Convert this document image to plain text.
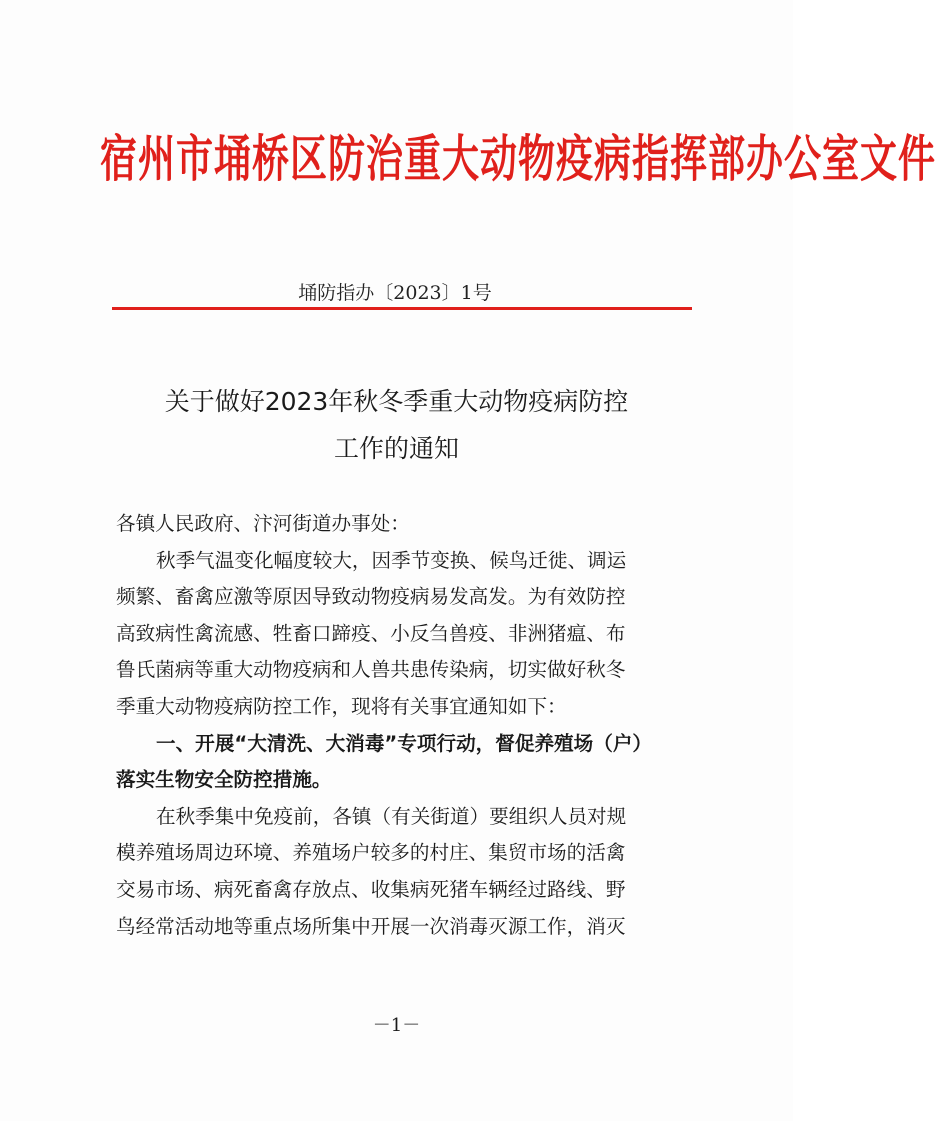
宿州市埇桥区防治重大动物疫病指挥部办公室文件
埇防指办〔2023〕1号
关于做好2023年秋冬季重大动物疫病防控
工作的通知
各镇人民政府、汴河街道办事处：
秋季气温变化幅度较大，因季节变换、候鸟迁徙、调运
频繁、畜禽应激等原因导致动物疫病易发高发。为有效防控
高致病性禽流感、牲畜口蹄疫、小反刍兽疫、非洲猪瘟、布
鲁氏菌病等重大动物疫病和人兽共患传染病，切实做好秋冬
季重大动物疫病防控工作，现将有关事宜通知如下：
一、开展“大清洗、大消毒”专项行动，督促养殖场（户）
落实生物安全防控措施。
在秋季集中免疫前，各镇（有关街道）要组织人员对规
模养殖场周边环境、养殖场户较多的村庄、集贸市场的活禽
交易市场、病死畜禽存放点、收集病死猪车辆经过路线、野
鸟经常活动地等重点场所集中开展一次消毒灭源工作，消灭
－1－
